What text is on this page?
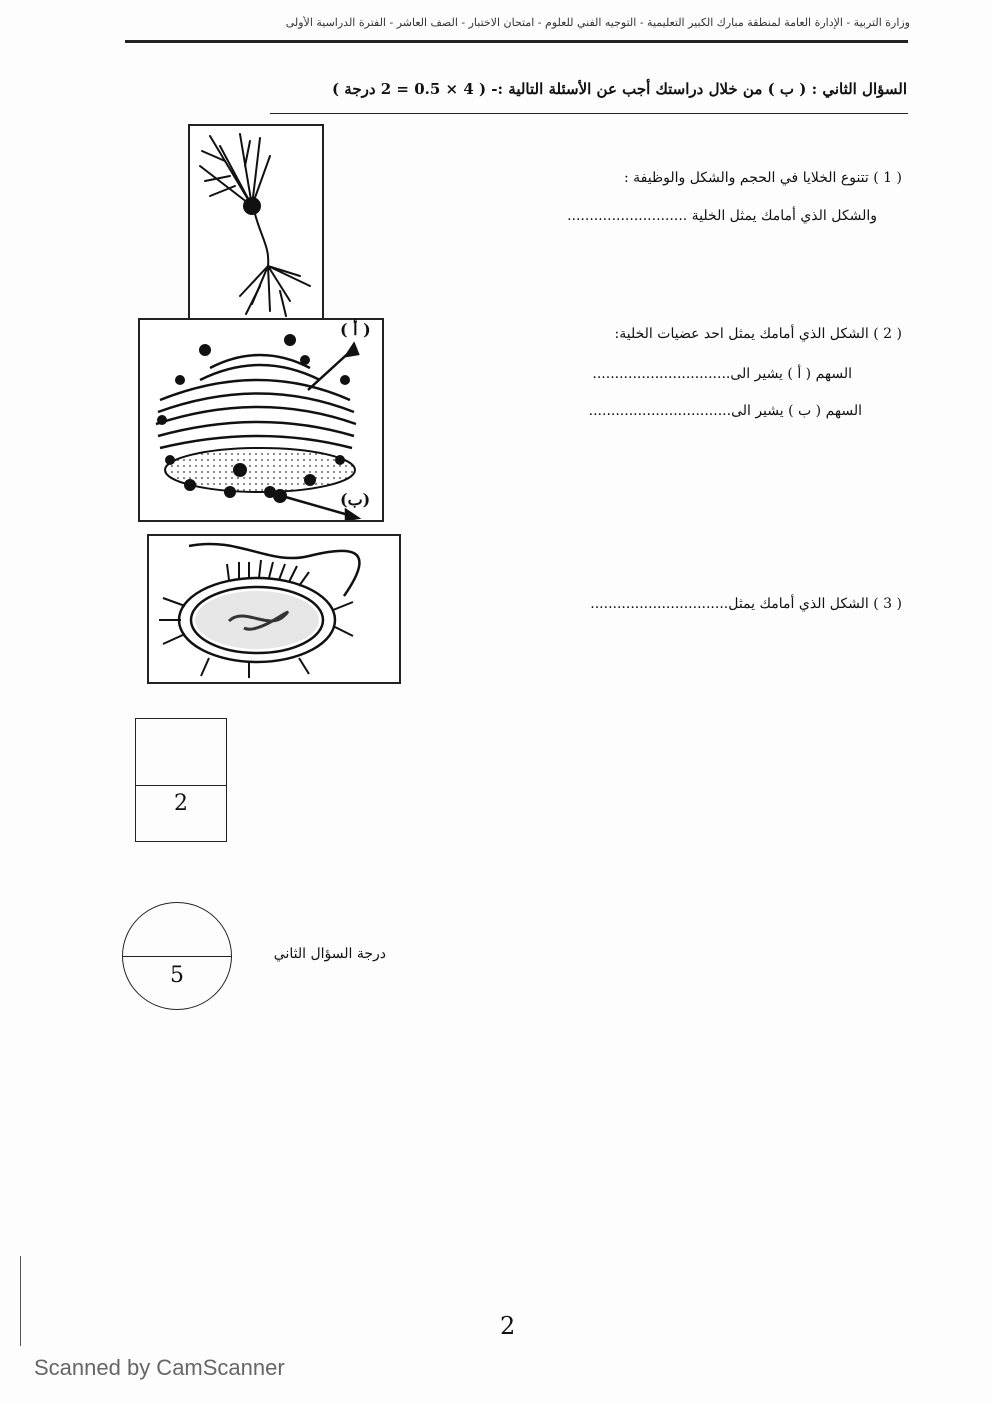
وزارة التربية - الإدارة العامة لمنطقة مبارك الكبير التعليمية - التوجيه الفني للعلوم - امتحان الاختبار - الصف العاشر - الفترة الدراسية الأولى
السؤال الثاني : ( ب ) من خلال دراستك أجب عن الأسئلة التالية :- ( 4 × 0.5 = 2 درجة )
( 1 ) تتنوع الخلايا في الحجم والشكل والوظيفة :
والشكل الذي أمامك يمثل الخلية ...........................
( 2 ) الشكل الذي أمامك يمثل احد عضيات الخلية:
السهم ( أ ) يشير الى...............................
السهم ( ب ) يشير الى................................
( 3 ) الشكل الذي أمامك يمثل...............................
( أ )
(ب)
2
5
درجة السؤال الثاني
2
Scanned by CamScanner
